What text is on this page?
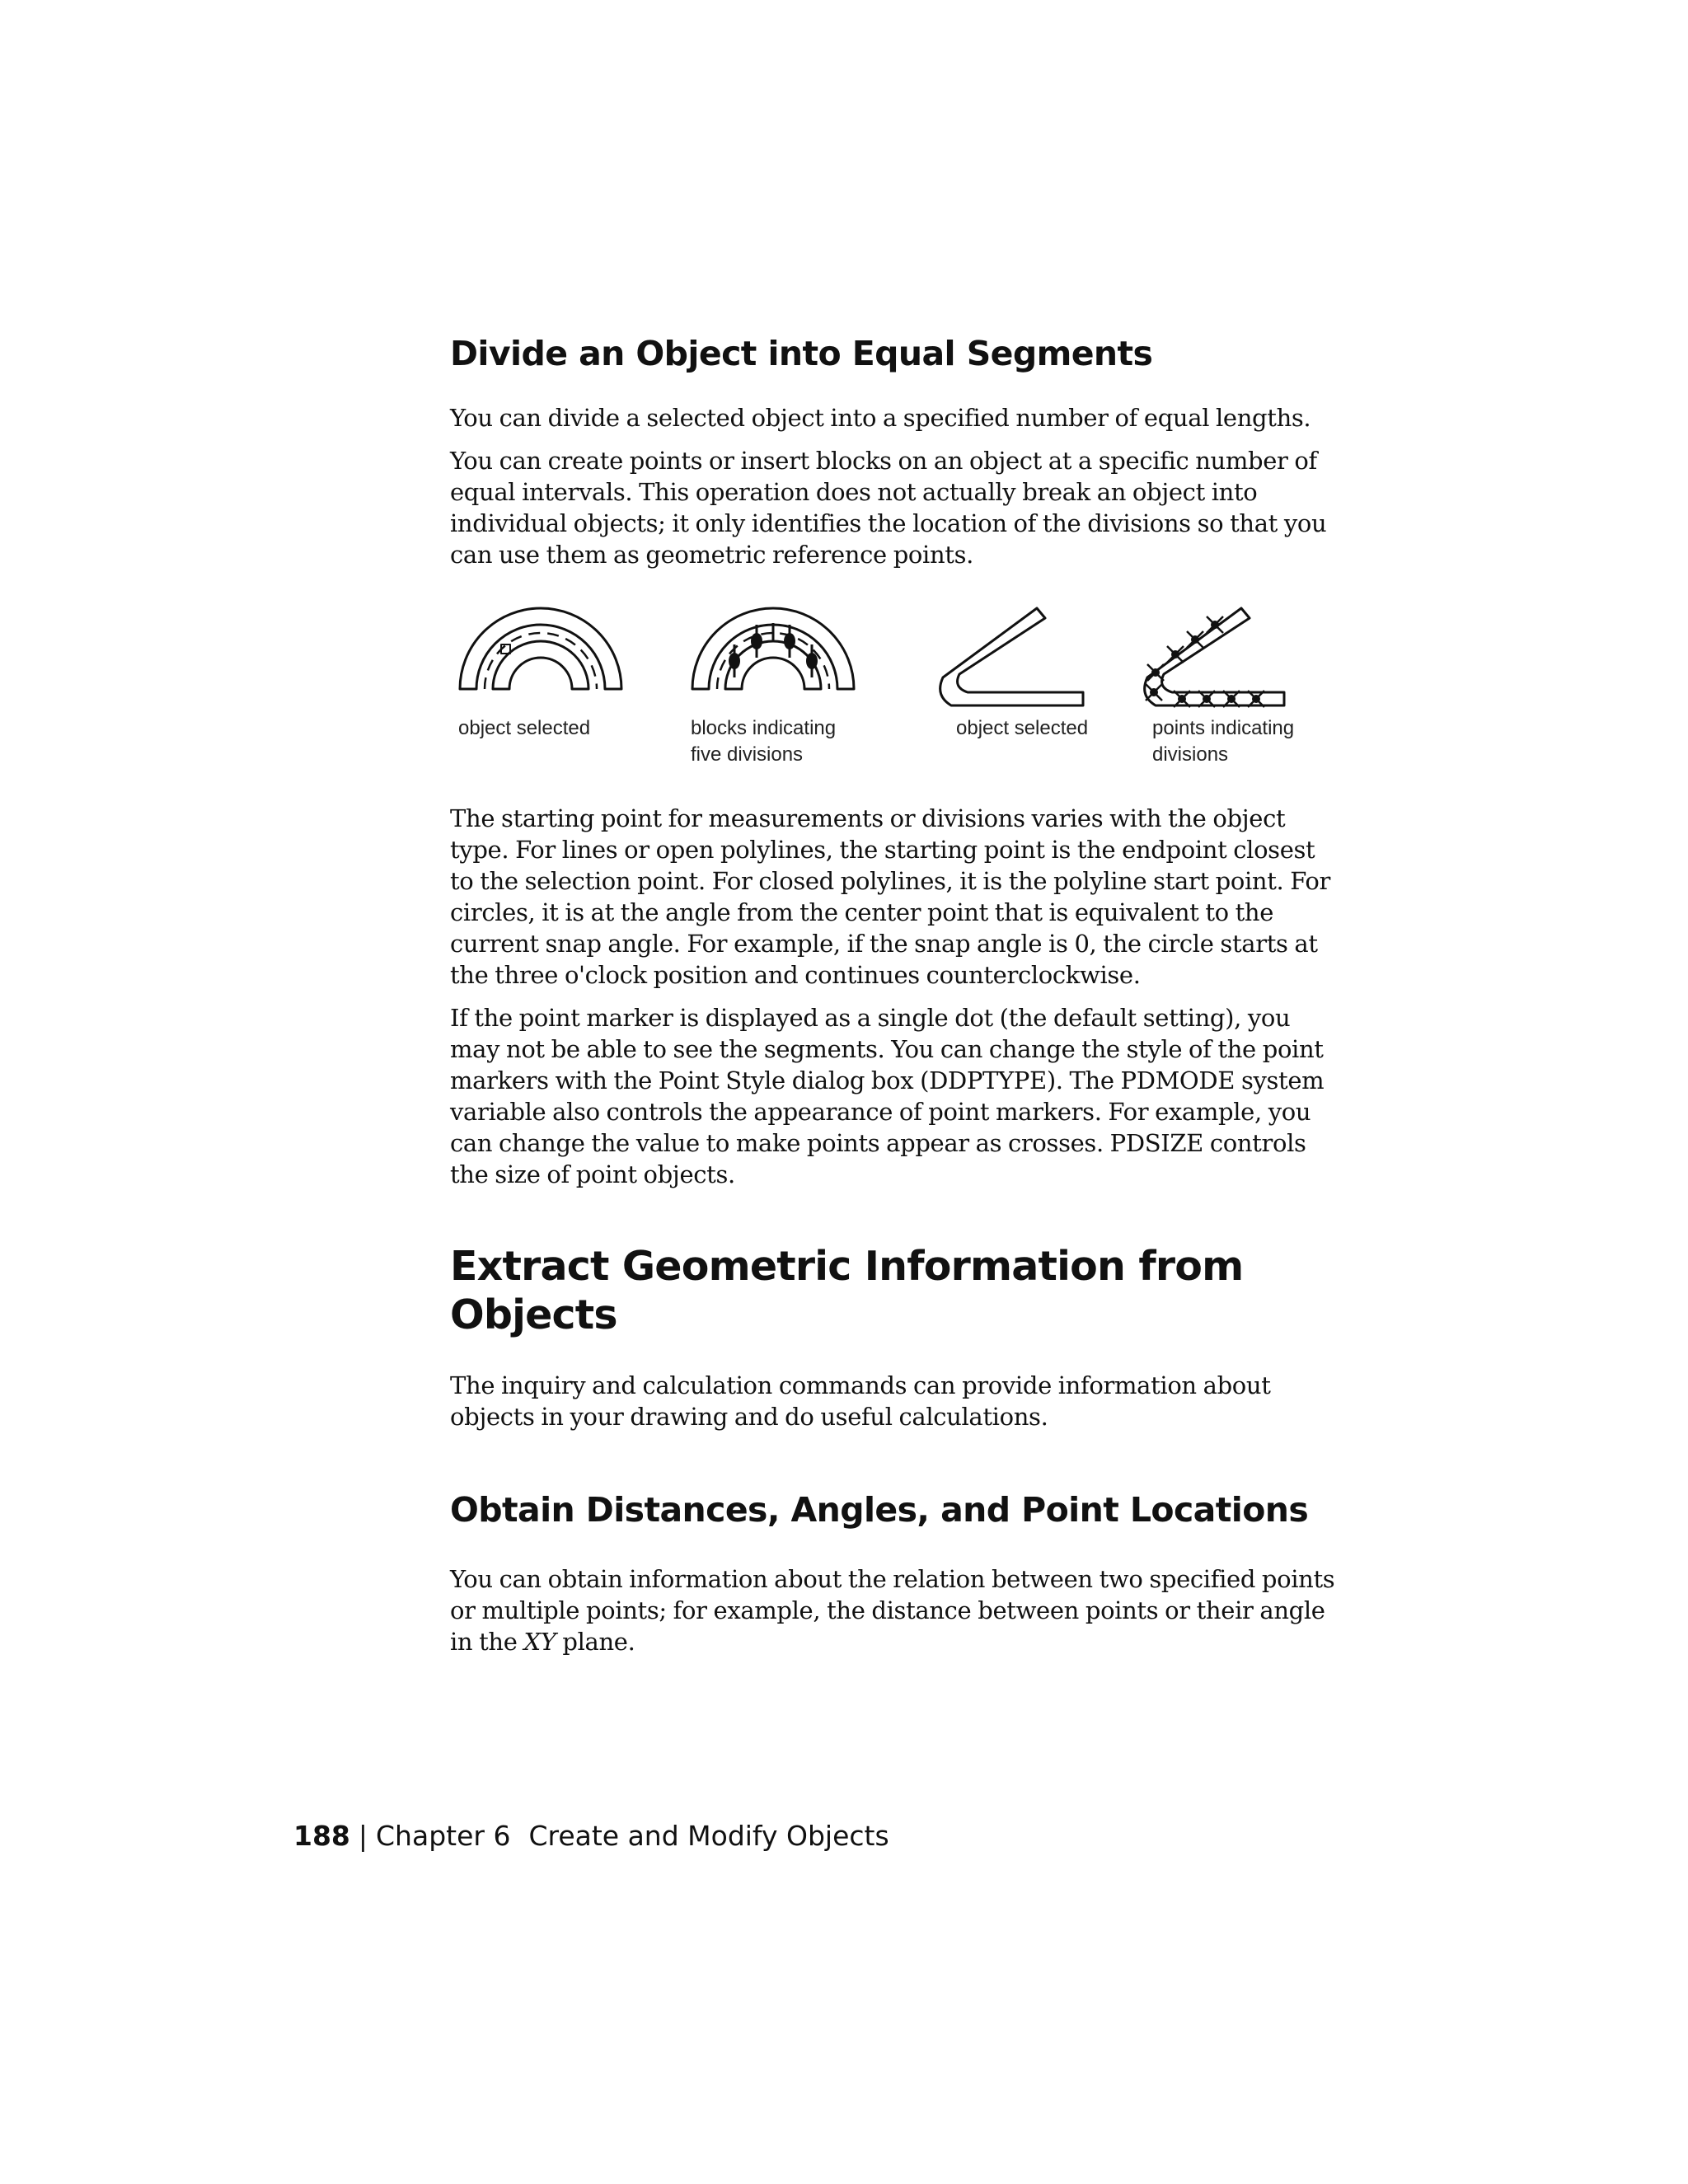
Divide an Object into Equal Segments

You can divide a selected object into a specified number of equal lengths.

You can create points or insert blocks on an object at a specific number of equal intervals. This operation does not actually break an object into individual objects; it only identifies the location of the divisions so that you can use them as geometric reference points.

object selected	blocks indicating
five divisions
object selected	points indicating
divisions

The starting point for measurements or divisions varies with the object type. For lines or open polylines, the starting point is the endpoint closest to the selection point. For closed polylines, it is the polyline start point. For circles, it is at the angle from the center point that is equivalent to the current snap angle. For example, if the snap angle is 0, the circle starts at the three o'clock position and continues counterclockwise.

If the point marker is displayed as a single dot (the default setting), you may not be able to see the segments. You can change the style of the point markers with the Point Style dialog box (DDPTYPE). The PDMODE system variable also controls the appearance of point markers. For example, you can change the value to make points appear as crosses. PDSIZE controls the size of point objects.

Extract Geometric Information from Objects

The inquiry and calculation commands can provide information about objects in your drawing and do useful calculations.

Obtain Distances, Angles, and Point Locations

You can obtain information about the relation between two specified points or multiple points; for example, the distance between points or their angle in the XY plane.

188 | Chapter 6 Create and Modify Objects
